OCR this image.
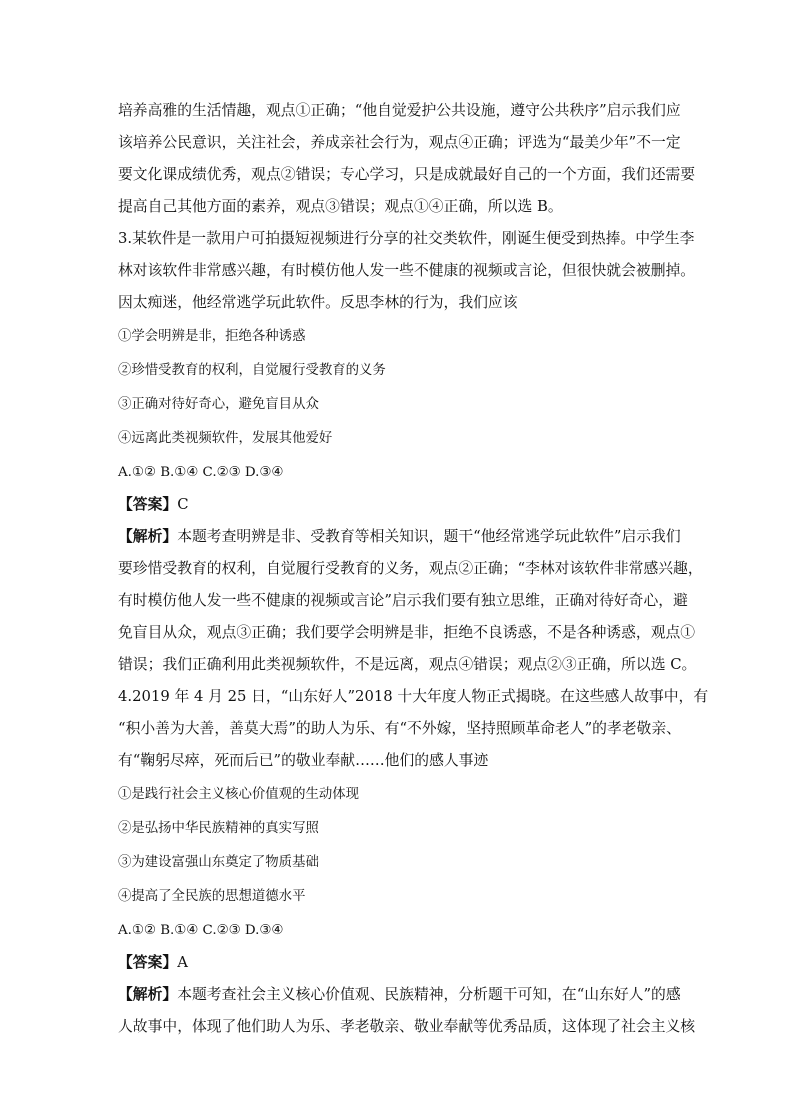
培养高雅的生活情趣，观点①正确；“他自觉爱护公共设施，遵守公共秩序”启示我们应
该培养公民意识，关注社会，养成亲社会行为，观点④正确；评选为“最美少年”不一定
要文化课成绩优秀，观点②错误；专心学习，只是成就最好自己的一个方面，我们还需要
提高自己其他方面的素养，观点③错误；观点①④正确，所以选 B。
3.某软件是一款用户可拍摄短视频进行分享的社交类软件，刚诞生便受到热捧。中学生李
林对该软件非常感兴趣，有时模仿他人发一些不健康的视频或言论，但很快就会被删掉。
因太痴迷，他经常逃学玩此软件。反思李林的行为，我们应该
①学会明辨是非，拒绝各种诱惑
②珍惜受教育的权利，自觉履行受教育的义务
③正确对待好奇心，避免盲目从众
④远离此类视频软件，发展其他爱好
A.①② B.①④ C.②③ D.③④
【答案】C
【解析】本题考查明辨是非、受教育等相关知识，题干“他经常逃学玩此软件”启示我们
要珍惜受教育的权利，自觉履行受教育的义务，观点②正确；“李林对该软件非常感兴趣，
有时模仿他人发一些不健康的视频或言论”启示我们要有独立思维，正确对待好奇心，避
免盲目从众，观点③正确；我们要学会明辨是非，拒绝不良诱惑，不是各种诱惑，观点①
错误；我们正确利用此类视频软件，不是远离，观点④错误；观点②③正确，所以选 C。
4.2019 年 4 月 25 日，“山东好人”2018 十大年度人物正式揭晓。在这些感人故事中，有
“积小善为大善，善莫大焉”的助人为乐、有“不外嫁，坚持照顾革命老人”的孝老敬亲、
有“鞠躬尽瘁，死而后已”的敬业奉献……他们的感人事迹
①是践行社会主义核心价值观的生动体现
②是弘扬中华民族精神的真实写照
③为建设富强山东奠定了物质基础
④提高了全民族的思想道德水平
A.①② B.①④ C.②③ D.③④
【答案】A
【解析】本题考查社会主义核心价值观、民族精神，分析题干可知，在“山东好人”的感
人故事中，体现了他们助人为乐、孝老敬亲、敬业奉献等优秀品质，这体现了社会主义核
